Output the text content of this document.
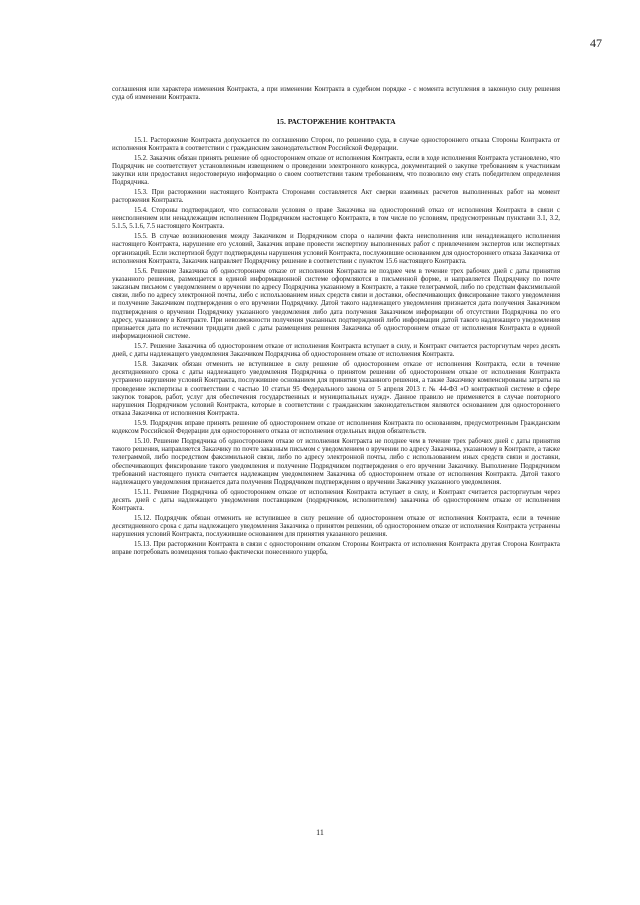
47

соглашения или характера изменения Контракта, а при изменении Контракта в судебном порядке - с момента вступления в законную силу решения суда об изменении Контракта.

15. РАСТОРЖЕНИЕ КОНТРАКТА

15.1. Расторжение Контракта допускается по соглашению Сторон, по решению суда, в случае одностороннего отказа Стороны Контракта от исполнения Контракта в соответствии с гражданским законодательством Российской Федерации.

15.2. Заказчик обязан принять решение об одностороннем отказе от исполнения Контракта, если в ходе исполнения Контракта установлено, что Подрядчик не соответствует установленным извещением о проведении электронного конкурса, документацией о закупке требованиям к участникам закупки или предоставил недостоверную информацию о своем соответствии таким требованиям, что позволило ему стать победителем определения Подрядчика.

15.3. При расторжении настоящего Контракта Сторонами составляется Акт сверки взаимных расчетов выполненных работ на момент расторжения Контракта.

15.4. Стороны подтверждают, что согласовали условия о праве Заказчика на односторонний отказ от исполнения Контракта в связи с неисполнением или ненадлежащим исполнением Подрядчиком настоящего Контракта, в том числе по условиям, предусмотренным пунктами 3.1, 3.2, 5.1.5, 5.1.6, 7.5 настоящего Контракта.

15.5. В случае возникновения между Заказчиком и Подрядчиком спора о наличии факта неисполнения или ненадлежащего исполнения настоящего Контракта, нарушение его условий, Заказчик вправе провести экспертизу выполненных работ с привлечением экспертов или экспертных организаций. Если экспертизой будут подтверждены нарушения условий Контракта, послужившие основанием для одностороннего отказа Заказчика от исполнения Контракта, Заказчик направляет Подрядчику решение в соответствии с пунктом 15.6 настоящего Контракта.

15.6. Решение Заказчика об одностороннем отказе от исполнения Контракта не позднее чем в течение трех рабочих дней с даты принятия указанного решения, размещается в единой информационной системе оформляются в письменной форме, и направляется Подрядчику по почте заказным письмом с уведомлением о вручении по адресу Подрядчика указанному в Контракте, а также телеграммой, либо по средствам факсимильной связи, либо по адресу электронной почты, либо с использованием иных средств связи и доставки, обеспечивающих фиксирование такого уведомления и получение Заказчиком подтверждения о его вручении Подрядчику. Датой такого надлежащего уведомления признается дата получения Заказчиком подтверждения о вручении Подрядчику указанного уведомления либо дата получения Заказчиком информации об отсутствии Подрядчика по его адресу, указанному в Контракте. При невозможности получения указанных подтверждений либо информации датой такого надлежащего уведомления признается дата по истечении тридцати дней с даты размещения решения Заказчика об одностороннем отказе от исполнения Контракта в единой информационной системе.

15.7. Решение Заказчика об одностороннем отказе от исполнения Контракта вступает в силу, и Контракт считается расторгнутым через десять дней, с даты надлежащего уведомления Заказчиком Подрядчика об одностороннем отказе от исполнения Контракта.

15.8. Заказчик обязан отменить не вступившее в силу решение об одностороннем отказе от исполнения Контракта, если в течение десятидневного срока с даты надлежащего уведомления Подрядчика о принятом решении об одностороннем отказе от исполнения Контракта устранено нарушение условий Контракта, послужившее основанием для принятия указанного решения, а также Заказчику компенсированы затраты на проведение экспертизы в соответствии с частью 10 статьи 95 Федерального закона от 5 апреля 2013 г. № 44-ФЗ «О контрактной системе в сфере закупок товаров, работ, услуг для обеспечения государственных и муниципальных нужд». Данное правило не применяется в случае повторного нарушения Подрядчиком условий Контракта, которые в соответствии с гражданским законодательством являются основанием для одностороннего отказа Заказчика от исполнения Контракта.

15.9. Подрядчик вправе принять решение об одностороннем отказе от исполнения Контракта по основаниям, предусмотренным Гражданским кодексом Российской Федерации для одностороннего отказа от исполнения отдельных видов обязательств.

15.10. Решение Подрядчика об одностороннем отказе от исполнения Контракта не позднее чем в течение трех рабочих дней с даты принятия такого решения, направляется Заказчику по почте заказным письмом с уведомлением о вручении по адресу Заказчика, указанному в Контракте, а также телеграммой, либо посредством факсимильной связи, либо по адресу электронной почты, либо с использованием иных средств связи и доставки, обеспечивающих фиксирование такого уведомления и получение Подрядчиком подтверждения о его вручении Заказчику. Выполнение Подрядчиком требований настоящего пункта считается надлежащим уведомлением Заказчика об одностороннем отказе от исполнения Контракта. Датой такого надлежащего уведомления признается дата получения Подрядчиком подтверждения о вручении Заказчику указанного уведомления.

15.11. Решение Подрядчика об одностороннем отказе от исполнения Контракта вступает в силу, и Контракт считается расторгнутым через десять дней с даты надлежащего уведомления поставщиком (подрядчиком, исполнителем) заказчика об одностороннем отказе от исполнения Контракта.

15.12. Подрядчик обязан отменить не вступившее в силу решение об одностороннем отказе от исполнения Контракта, если в течение десятидневного срока с даты надлежащего уведомления Заказчика о принятом решении, об одностороннем отказе от исполнения Контракта устранены нарушения условий Контракта, послужившие основанием для принятия указанного решения.

15.13. При расторжении Контракта в связи с односторонним отказом Стороны Контракта от исполнения Контракта другая Сторона Контракта вправе потребовать возмещения только фактически понесенного ущерба,

11
